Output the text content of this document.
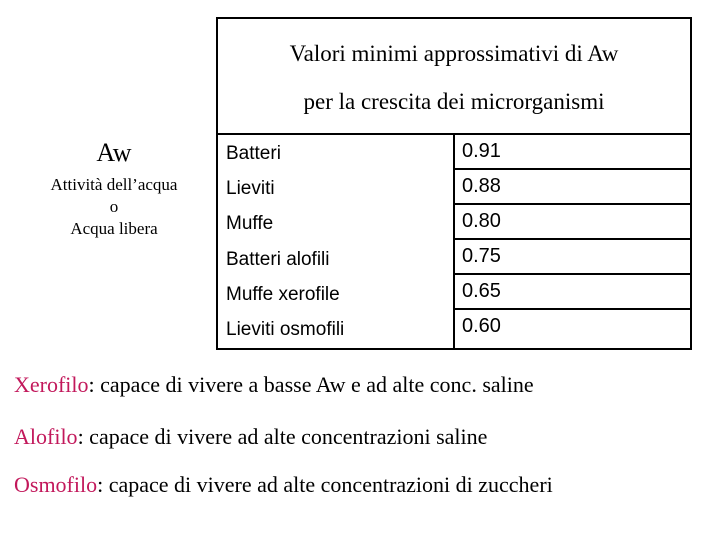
Aw
Attività dell’acqua
o
Acqua libera
Valori minimi approssimativi di Aw
per la crescita dei microrganismi
Batteri
Lieviti
Muffe
Batteri alofili
Muffe xerofile
Lieviti osmofili
0.91
0.88
0.80
0.75
0.65
0.60
Xerofilo: capace di vivere a basse Aw e ad alte conc. saline
Alofilo: capace di vivere ad alte concentrazioni saline
Osmofilo: capace di vivere ad alte concentrazioni di zuccheri
